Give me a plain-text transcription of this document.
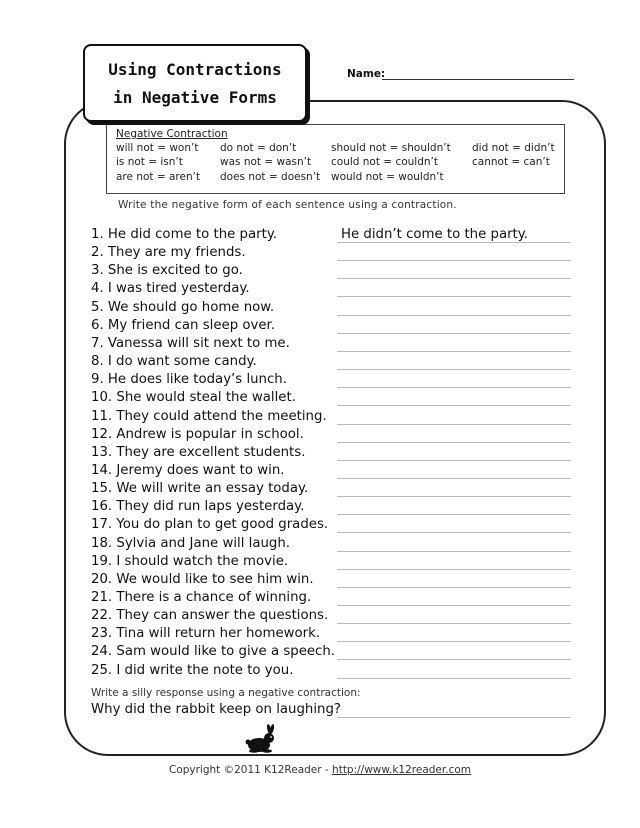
Using Contractions
in Negative Forms
Name:
Negative Contraction
will not = won’t do not = don’t	should not = shouldn’t did not = didn’t
is not = isn’t	was not = wasn’t could not = couldn’t	cannot = can’t
are not = aren’t does not = doesn’t would not = wouldn’t
Write the negative form of each sentence using a contraction.
1. He did come to the party.
2. They are my friends.
3. She is excited to go.
4. I was tired yesterday.
5. We should go home now.
6. My friend can sleep over.
7. Vanessa will sit next to me.
8. I do want some candy.
9. He does like today’s lunch.
10. She would steal the wallet.
11. They could attend the meeting.
12. Andrew is popular in school.
13. They are excellent students.
14. Jeremy does want to win.
15. We will write an essay today.
16. They did run laps yesterday.
17. You do plan to get good grades.
18. Sylvia and Jane will laugh.
19. I should watch the movie.
20. We would like to see him win.
21. There is a chance of winning.
22. They can answer the questions.
23. Tina will return her homework.
24. Sam would like to give a speech.
25. I did write the note to you.
He didn’t come to the party.
Write a silly response using a negative contraction:
Why did the rabbit keep on laughing?
Copyright ©2011 K12Reader - http://www.k12reader.com
